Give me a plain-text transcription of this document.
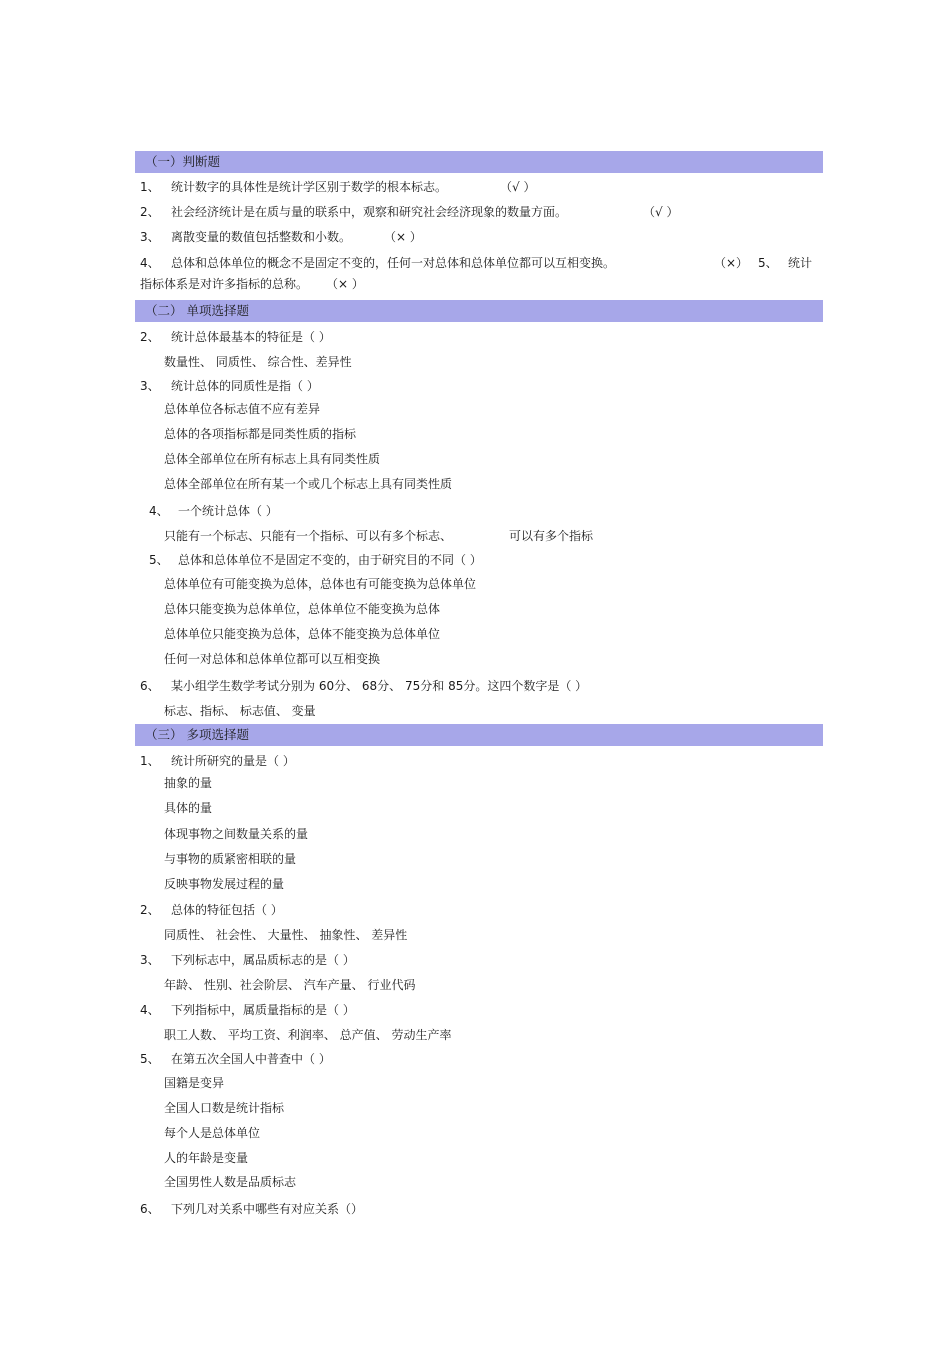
（一）判断题
1、 统计数字的具体性是统计学区别于数学的根本标志。	（√ ）
2、 社会经济统计是在质与量的联系中，观察和研究社会经济现象的数量方面。	（√ ）
3、 离散变量的数值包括整数和小数。	（× ）
4、 总体和总体单位的概念不是固定不变的，任何一对总体和总体单位都可以互相变换。	（×） 5、 统计
指标体系是对许多指标的总称。 （× ）
（二） 单项选择题
2、 统计总体最基本的特征是（ ）
数量性、 同质性、 综合性、差异性
3、 统计总体的同质性是指（ ）
总体单位各标志值不应有差异
总体的各项指标都是同类性质的指标
总体全部单位在所有标志上具有同类性质
总体全部单位在所有某一个或几个标志上具有同类性质
4、 一个统计总体（ ）
只能有一个标志、只能有一个指标、可以有多个标志、	可以有多个指标
5、 总体和总体单位不是固定不变的，由于研究目的不同（ ）
总体单位有可能变换为总体，总体也有可能变换为总体单位
总体只能变换为总体单位，总体单位不能变换为总体
总体单位只能变换为总体，总体不能变换为总体单位
任何一对总体和总体单位都可以互相变换
6、 某小组学生数学考试分别为 60分、 68分、 75分和 85分。这四个数字是（ ）
标志、指标、 标志值、 变量
（三） 多项选择题
1、 统计所研究的量是（ ）
抽象的量
具体的量
体现事物之间数量关系的量
与事物的质紧密相联的量
反映事物发展过程的量
2、 总体的特征包括（ ）
同质性、 社会性、 大量性、 抽象性、 差异性
3、 下列标志中，属品质标志的是（ ）
年龄、 性别、社会阶层、 汽车产量、 行业代码
4、 下列指标中，属质量指标的是（ ）
职工人数、 平均工资、利润率、 总产值、 劳动生产率
5、 在第五次全国人中普查中（ ）
国籍是变异
全国人口数是统计指标
每个人是总体单位
人的年龄是变量
全国男性人数是品质标志
6、 下列几对关系中哪些有对应关系（）
